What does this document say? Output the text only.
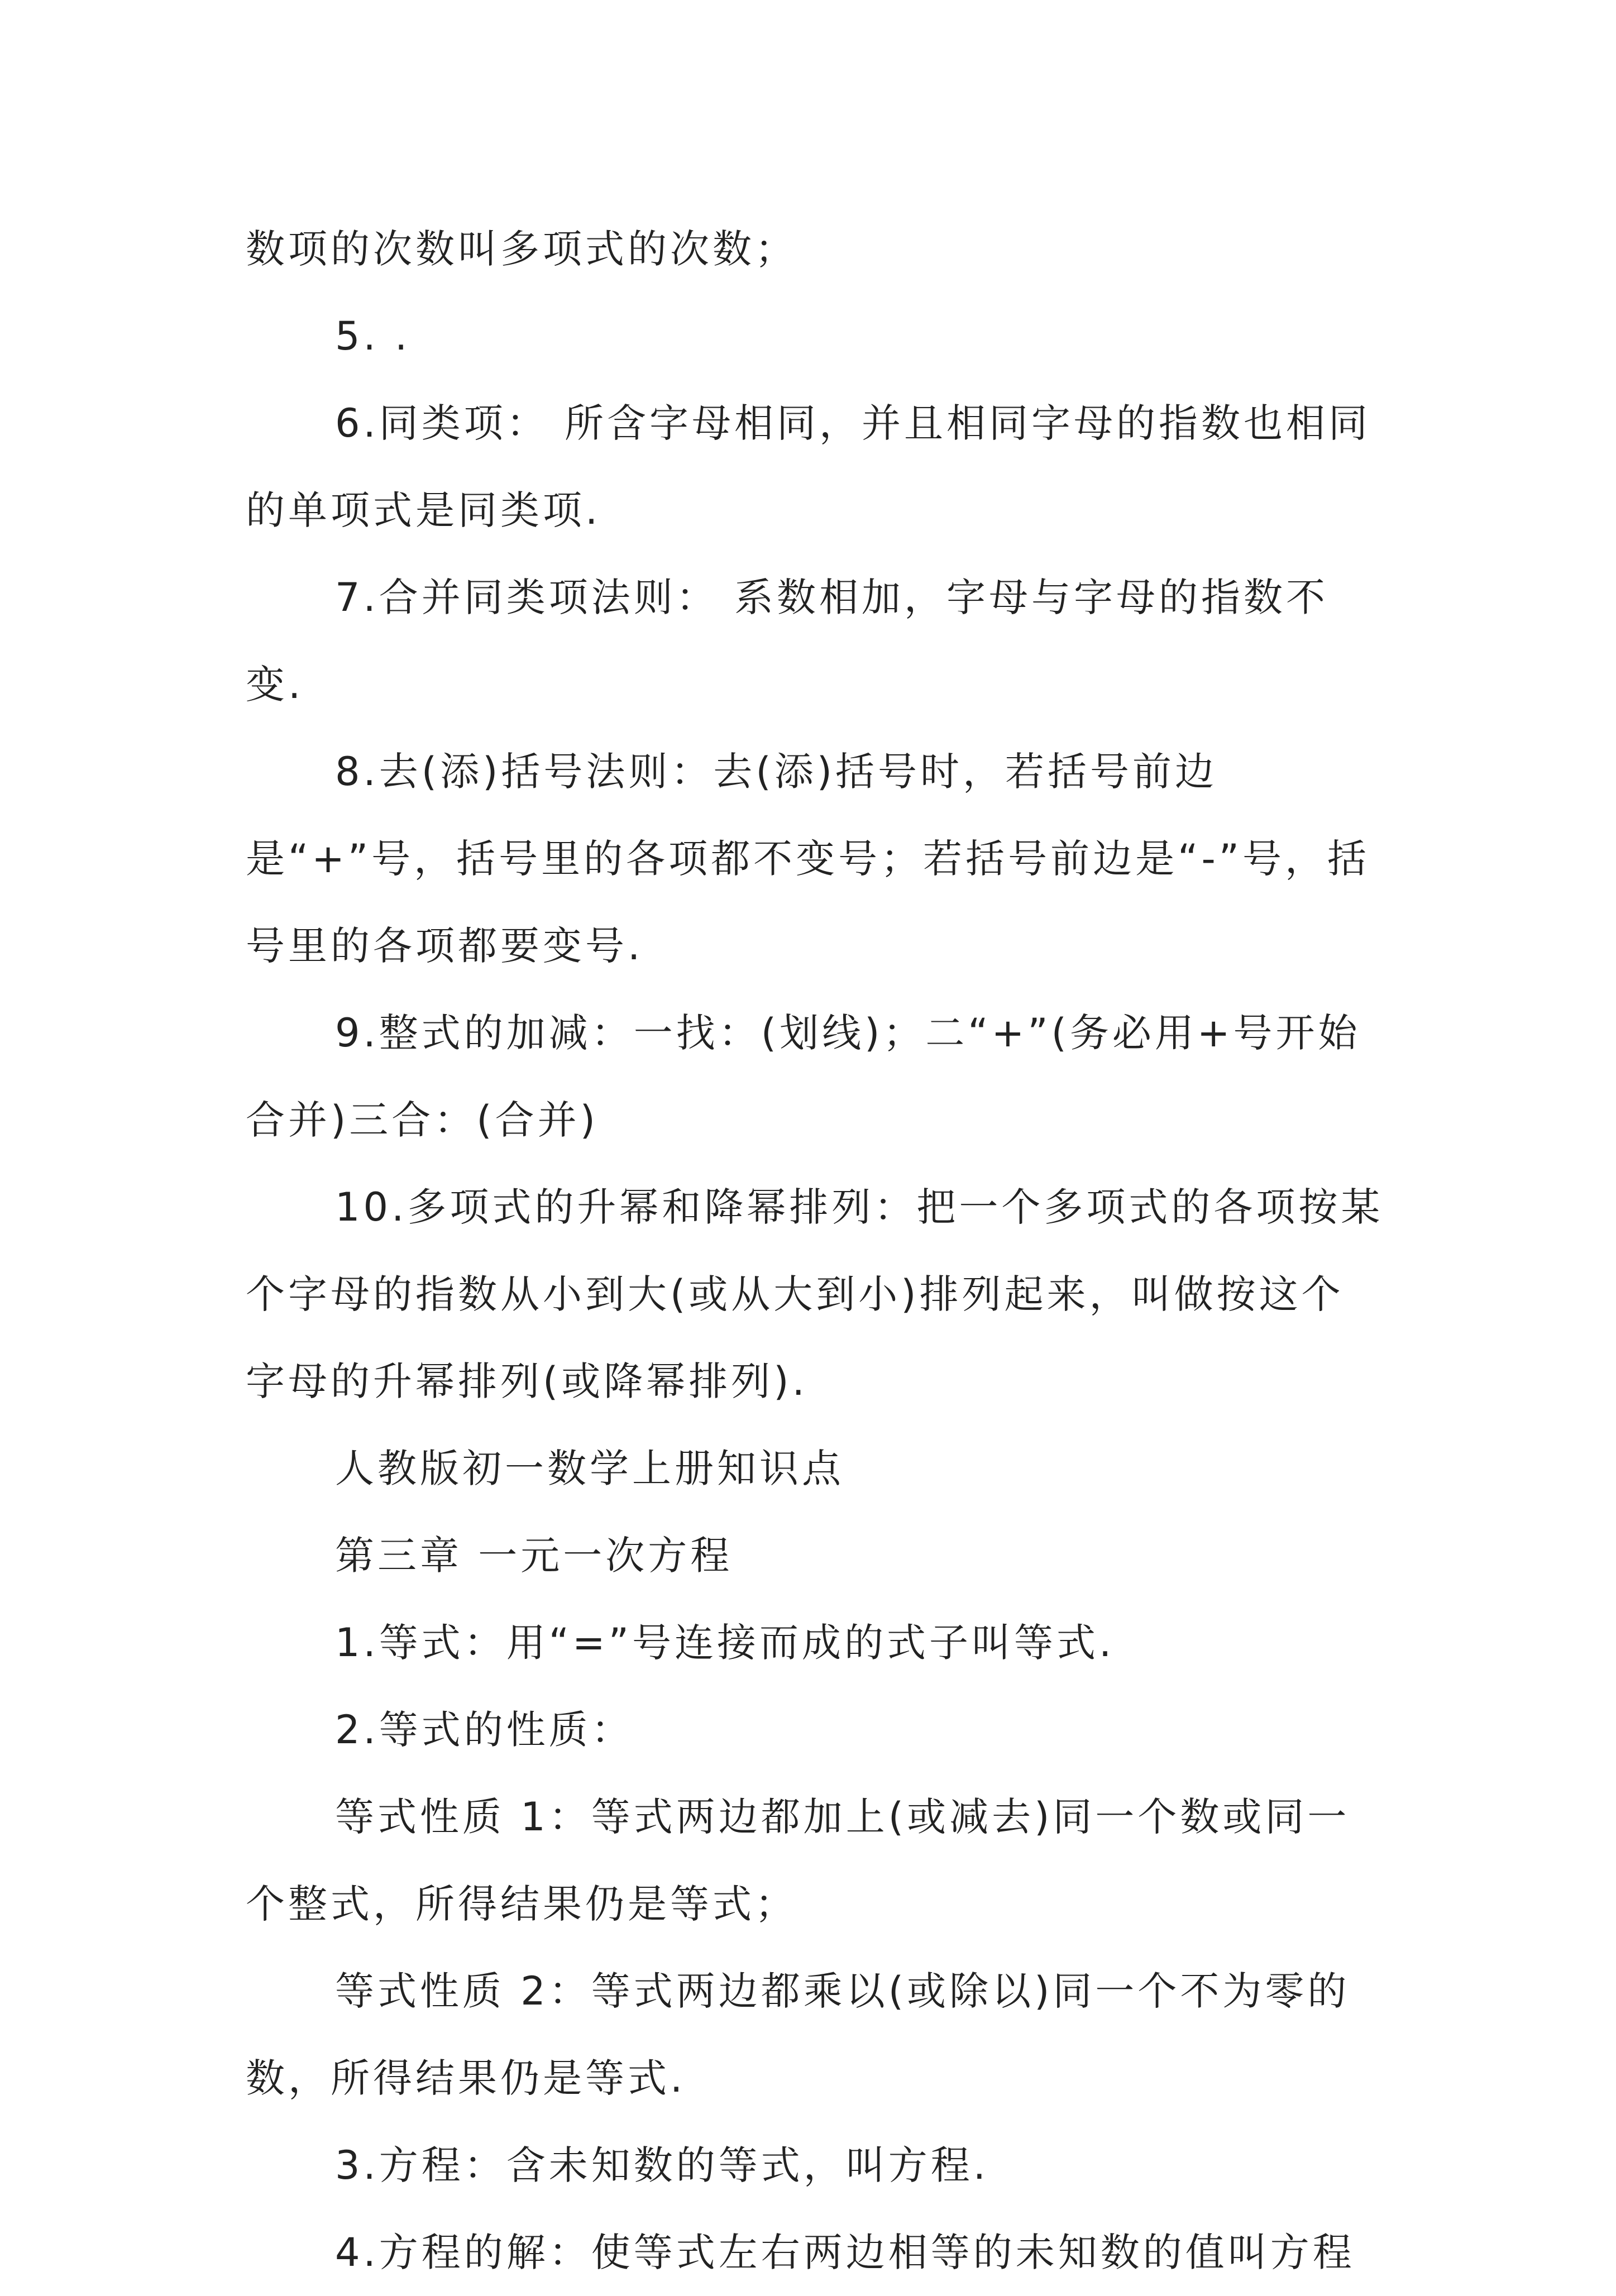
数项的次数叫多项式的次数；

5. .

6.同类项： 所含字母相同，并且相同字母的指数也相同的单项式是同类项.

7.合并同类项法则： 系数相加，字母与字母的指数不变.

8.去(添)括号法则：去(添)括号时，若括号前边是“+”号，括号里的各项都不变号；若括号前边是“-”号，括号里的各项都要变号.

9.整式的加减：一找：(划线)；二“+”(务必用+号开始合并)三合：(合并)

10.多项式的升幂和降幂排列：把一个多项式的各项按某个字母的指数从小到大(或从大到小)排列起来，叫做按这个字母的升幂排列(或降幂排列).

人教版初一数学上册知识点

第三章 一元一次方程

1.等式：用“=”号连接而成的式子叫等式.

2.等式的性质：

等式性质 1：等式两边都加上(或减去)同一个数或同一个整式，所得结果仍是等式；

等式性质 2：等式两边都乘以(或除以)同一个不为零的数，所得结果仍是等式.

3.方程：含未知数的等式，叫方程.

4.方程的解：使等式左右两边相等的未知数的值叫方程
